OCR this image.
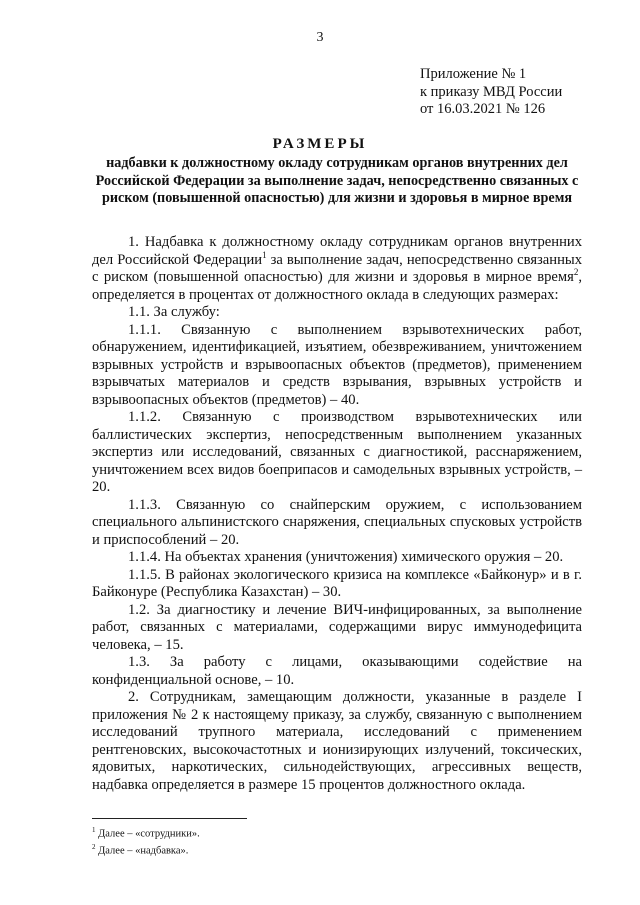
3
Приложение № 1
к приказу МВД России
от 16.03.2021 № 126
РАЗМЕРЫ
надбавки к должностному окладу сотрудникам органов внутренних дел Российской Федерации за выполнение задач, непосредственно связанных с риском (повышенной опасностью) для жизни и здоровья в мирное время

1. Надбавка к должностному окладу сотрудникам органов внутренних дел Российской Федерации$^1$ за выполнение задач, непосредственно связанных с риском (повышенной опасностью) для жизни и здоровья в мирное время$^2$, определяется в процентах от должностного оклада в следующих размерах:

1.1. За службу:

1.1.1. Связанную с выполнением взрывотехнических работ, обнаружением, идентификацией, изъятием, обезвреживанием, уничтожением взрывных устройств и взрывоопасных объектов (предметов), применением взрывчатых материалов и средств взрывания, взрывных устройств и взрывоопасных объектов (предметов) – 40.

1.1.2. Связанную с производством взрывотехнических или баллистических экспертиз, непосредственным выполнением указанных экспертиз или исследований, связанных с диагностикой, расснаряжением, уничтожением всех видов боеприпасов и самодельных взрывных устройств, – 20.

1.1.3. Связанную со снайперским оружием, с использованием специального альпинистского снаряжения, специальных спусковых устройств и приспособлений – 20.

1.1.4. На объектах хранения (уничтожения) химического оружия – 20.

1.1.5. В районах экологического кризиса на комплексе «Байконур» и в г. Байконуре (Республика Казахстан) – 30.

1.2. За диагностику и лечение ВИЧ-инфицированных, за выполнение работ, связанных с материалами, содержащими вирус иммунодефицита человека, – 15.

1.3. За работу с лицами, оказывающими содействие на конфиденциальной основе, – 10.

2. Сотрудникам, замещающим должности, указанные в разделе I приложения № 2 к настоящему приказу, за службу, связанную с выполнением исследований трупного материала, исследований с применением рентгеновских, высокочастотных и ионизирующих излучений, токсических, ядовитых, наркотических, сильнодействующих, агрессивных веществ, надбавка определяется в размере 15 процентов должностного оклада.

$^1$ Далее – «сотрудники».
$^2$ Далее – «надбавка».
